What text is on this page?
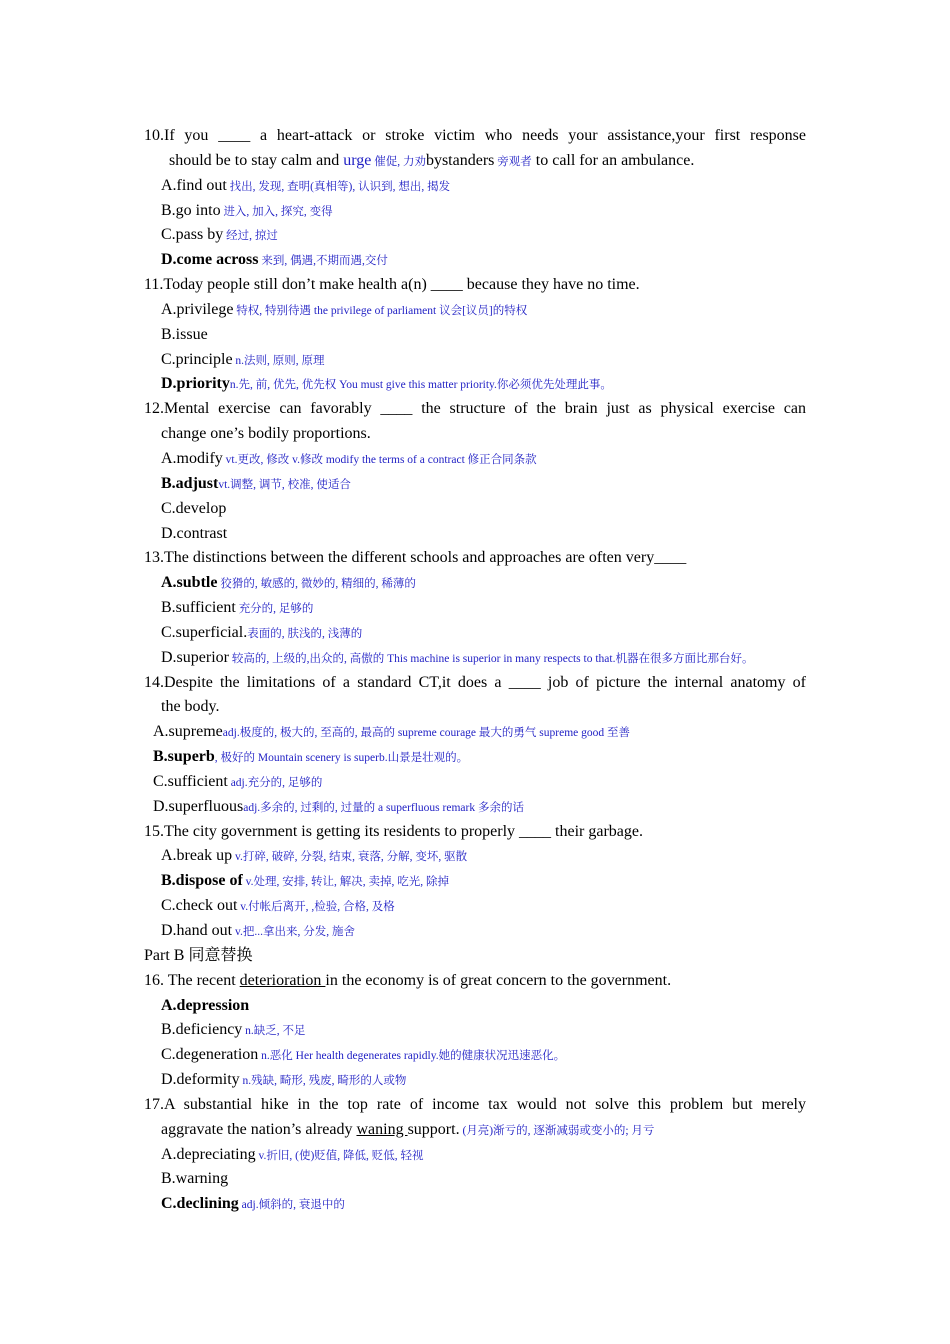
10.If you ____ a heart-attack or stroke victim who needs your assistance,your first response
should be to stay calm and urge 催促, 力劝bystanders 旁观者 to call for an ambulance.
A.find out 找出, 发现, 查明(真相等), 认识到, 想出, 揭发
B.go into 进入, 加入, 探究, 变得
C.pass by 经过, 掠过
D.come across 来到, 偶遇,不期而遇,交付
11.Today people still don’t make health a(n) ____ because they have no time.
A.privilege 特权, 特别待遇 the privilege of parliament 议会[议员]的特权
B.issue
C.principle n.法则, 原则, 原理
D.priorityn.先, 前, 优先, 优先权 You must give this matter priority.你必须优先处理此事。
12.Mental exercise can favorably ____ the structure of the brain just as physical exercise can
change one’s bodily proportions.
A.modify vt.更改, 修改 v.修改 modify the terms of a contract 修正合同条款
B.adjustvt.调整, 调节, 校准, 使适合
C.develop
D.contrast
13.The distinctions between the different schools and approaches are often very____
A.subtle 狡猾的, 敏感的, 微妙的, 精细的, 稀薄的
B.sufficient 充分的, 足够的
C.superficial.表面的, 肤浅的, 浅薄的
D.superior 较高的, 上级的,出众的, 高傲的 This machine is superior in many respects to that.机器在很多方面比那台好。
14.Despite the limitations of a standard CT,it does a ____ job of picture the internal anatomy of
the body.
A.supremeadj.极度的, 极大的, 至高的, 最高的 supreme courage 最大的勇气 supreme good 至善
B.superb, 极好的 Mountain scenery is superb.山景是壮观的。
C.sufficient adj.充分的, 足够的
D.superfluousadj.多余的, 过剩的, 过量的 a superfluous remark 多余的话
15.The city government is getting its residents to properly ____ their garbage.
A.break up v.打碎, 破碎, 分裂, 结束, 衰落, 分解, 变坏, 驱散
B.dispose of v.处理, 安排, 转让, 解决, 卖掉, 吃光, 除掉
C.check out v.付帐后离开, ,检验, 合格, 及格
D.hand out v.把...拿出来, 分发, 施舍
Part B 同意替换
16. The recent deterioration in the economy is of great concern to the government.
A.depression
B.deficiency n.缺乏, 不足
C.degeneration n.恶化 Her health degenerates rapidly.她的健康状况迅速恶化。
D.deformity n.残缺, 畸形, 残废, 畸形的人或物
17.A substantial hike in the top rate of income tax would not solve this problem but merely
aggravate the nation’s already waning support. (月亮)渐亏的, 逐渐减弱或变小的; 月亏
A.depreciating v.折旧, (使)贬值, 降低, 贬低, 轻视
B.warning
C.declining adj.倾斜的, 衰退中的
